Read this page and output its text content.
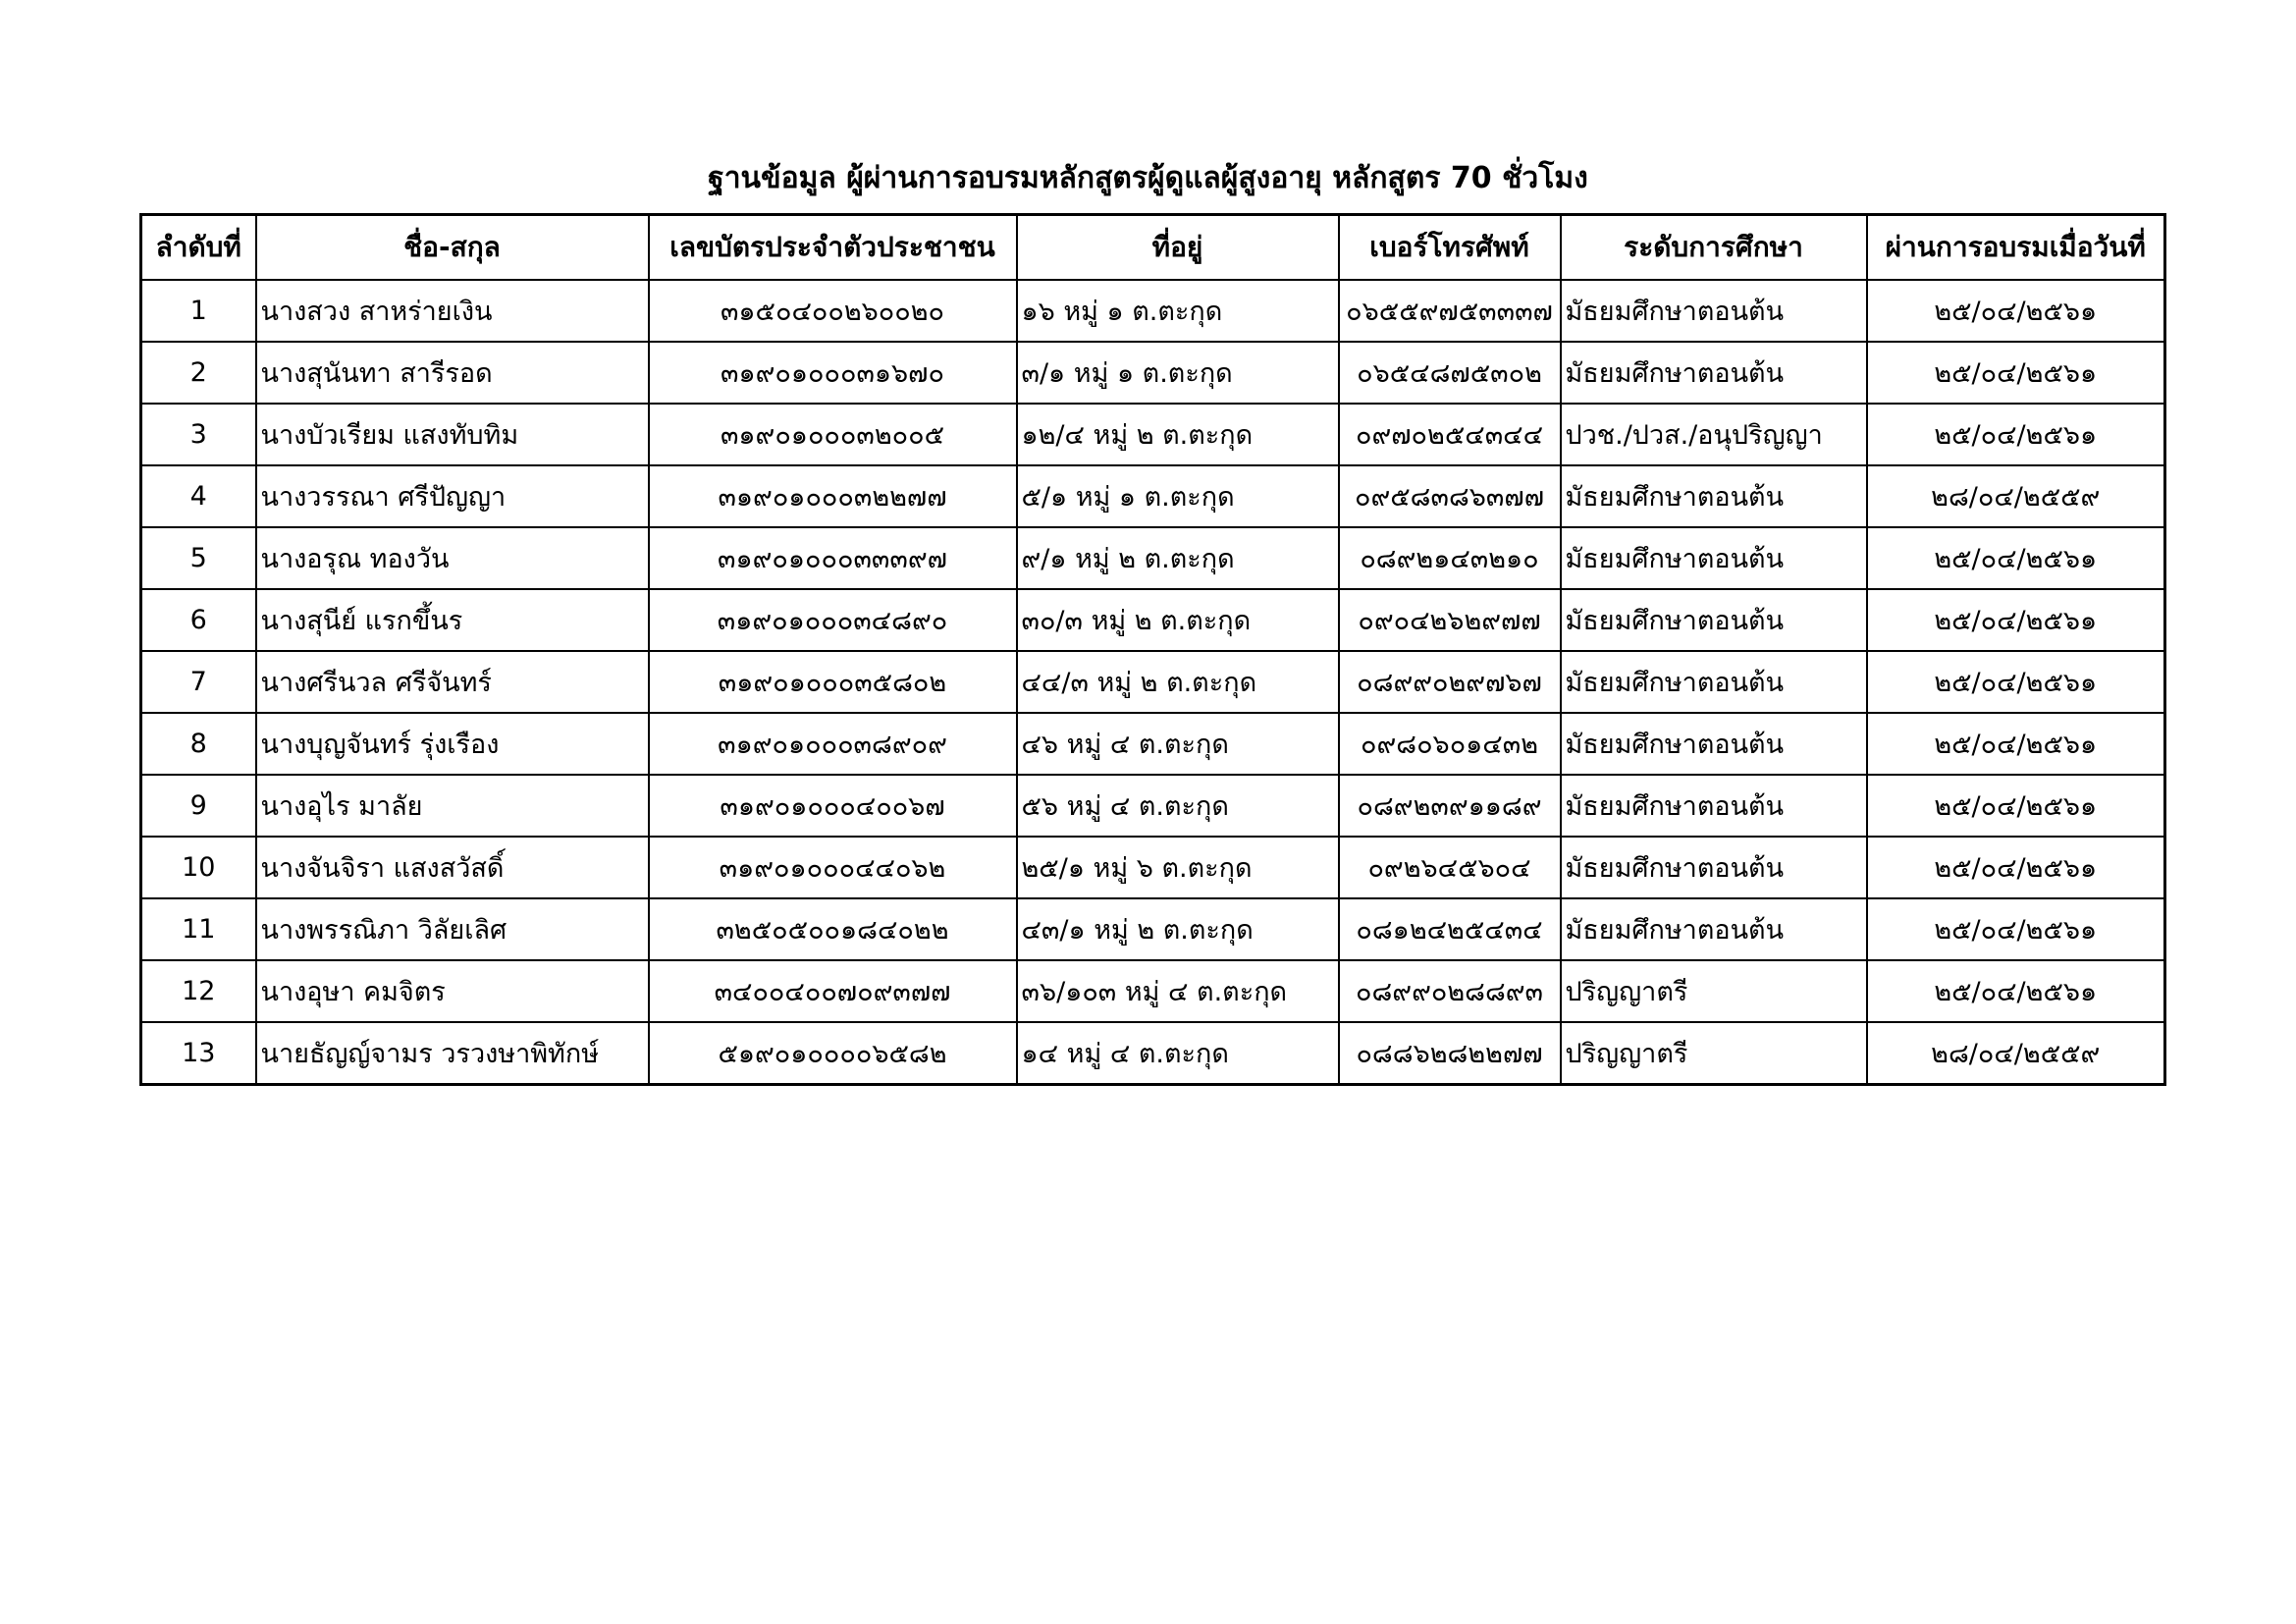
ฐานข้อมูล ผู้ผ่านการอบรมหลักสูตรผู้ดูแลผู้สูงอายุ หลักสูตร 70 ชั่วโมง
ลำดับที่	ชื่อ-สกุล	เลขบัตรประจำตัวประชาชน	ที่อยู่	เบอร์โทรศัพท์	ระดับการศึกษา	ผ่านการอบรมเมื่อวันที่
1	นางสวง สาหร่ายเงิน	๓๑๕๐๔๐๐๒๖๐๐๒๐	๑๖ หมู่ ๑ ต.ตะกุด	๐๖๕๕๙๗๕๓๓๓๗	มัธยมศึกษาตอนต้น	๒๕/๐๔/๒๕๖๑
2	นางสุนันทา สารีรอด	๓๑๙๐๑๐๐๐๓๑๖๗๐	๓/๑ หมู่ ๑ ต.ตะกุด	๐๖๕๔๘๗๕๓๐๒	มัธยมศึกษาตอนต้น	๒๕/๐๔/๒๕๖๑
3	นางบัวเรียม แสงทับทิม	๓๑๙๐๑๐๐๐๓๒๐๐๕	๑๒/๔ หมู่ ๒ ต.ตะกุด	๐๙๗๐๒๕๔๓๔๔	ปวช./ปวส./อนุปริญญา	๒๕/๐๔/๒๕๖๑
4	นางวรรณา ศรีปัญญา	๓๑๙๐๑๐๐๐๓๒๒๗๗	๕/๑ หมู่ ๑ ต.ตะกุด	๐๙๕๘๓๘๖๓๗๗	มัธยมศึกษาตอนต้น	๒๘/๐๔/๒๕๕๙
5	นางอรุณ ทองวัน	๓๑๙๐๑๐๐๐๓๓๓๙๗	๙/๑ หมู่ ๒ ต.ตะกุด	๐๘๙๒๑๔๓๒๑๐	มัธยมศึกษาตอนต้น	๒๕/๐๔/๒๕๖๑
6	นางสุนีย์ แรกขึ้นร	๓๑๙๐๑๐๐๐๓๔๘๙๐	๓๐/๓ หมู่ ๒ ต.ตะกุด	๐๙๐๔๒๖๒๙๗๗	มัธยมศึกษาตอนต้น	๒๕/๐๔/๒๕๖๑
7	นางศรีนวล ศรีจันทร์	๓๑๙๐๑๐๐๐๓๕๘๐๒	๔๔/๓ หมู่ ๒ ต.ตะกุด	๐๘๙๙๐๒๙๗๖๗	มัธยมศึกษาตอนต้น	๒๕/๐๔/๒๕๖๑
8	นางบุญจันทร์ รุ่งเรือง	๓๑๙๐๑๐๐๐๓๘๙๐๙	๔๖ หมู่ ๔ ต.ตะกุด	๐๙๘๐๖๐๑๔๓๒	มัธยมศึกษาตอนต้น	๒๕/๐๔/๒๕๖๑
9	นางอุไร มาลัย	๓๑๙๐๑๐๐๐๔๐๐๖๗	๕๖ หมู่ ๔ ต.ตะกุด	๐๘๙๒๓๙๑๑๘๙	มัธยมศึกษาตอนต้น	๒๕/๐๔/๒๕๖๑
10	นางจันจิรา แสงสวัสดิ์	๓๑๙๐๑๐๐๐๔๔๐๖๒	๒๕/๑ หมู่ ๖ ต.ตะกุด	๐๙๒๖๔๕๖๐๔	มัธยมศึกษาตอนต้น	๒๕/๐๔/๒๕๖๑
11	นางพรรณิภา วิลัยเลิศ	๓๒๕๐๕๐๐๑๘๔๐๒๒	๔๓/๑ หมู่ ๒ ต.ตะกุด	๐๘๑๒๔๒๕๔๓๔	มัธยมศึกษาตอนต้น	๒๕/๐๔/๒๕๖๑
12	นางอุษา คมจิตร	๓๔๐๐๔๐๐๗๐๙๓๗๗	๓๖/๑๐๓ หมู่ ๔ ต.ตะกุด	๐๘๙๙๐๒๘๘๙๓	ปริญญาตรี	๒๕/๐๔/๒๕๖๑
13	นายธัญญ์จามร วรวงษาพิทักษ์	๕๑๙๐๑๐๐๐๐๖๕๘๒	๑๔ หมู่ ๔ ต.ตะกุด	๐๘๘๖๒๘๒๒๗๗	ปริญญาตรี	๒๘/๐๔/๒๕๕๙
